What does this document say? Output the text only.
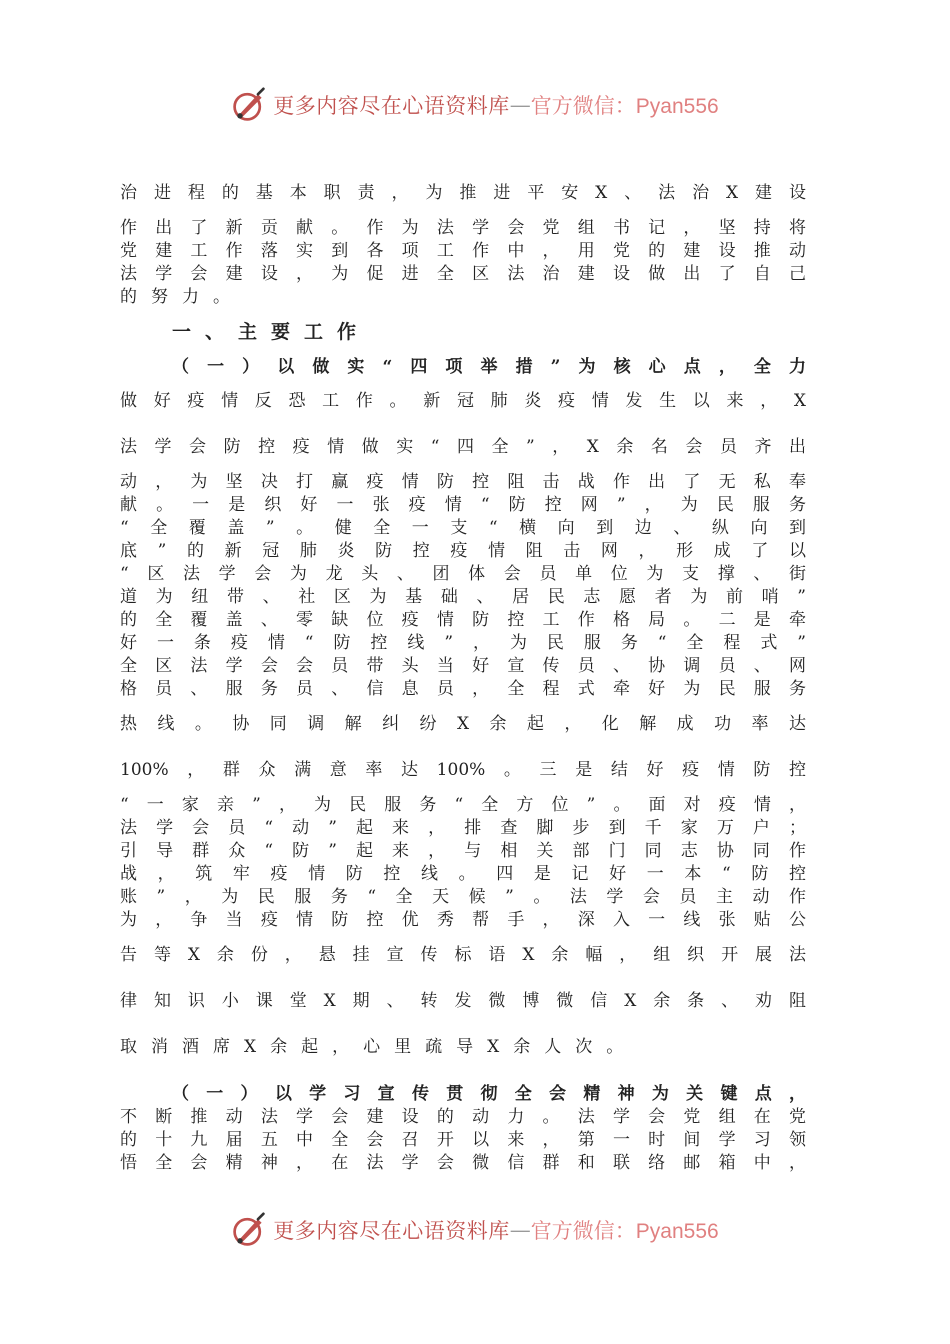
更多内容尽在心语资料库 — 官方微信：Pyan556
治进程的基本职责，为推进平安X、法治X建设
作出了新贡献。作为法学会党组书记，坚持将
党建工作落实到各项工作中，用党的建设推动
法学会建设，为促进全区法治建设做出了自己
的努力。
一、主要工作
（一）以做实“四项举措”为核心点，全力
做好疫情反恐工作。新冠肺炎疫情发生以来，X
法学会防控疫情做实“四全”，X余名会员齐出
动，为坚决打赢疫情防控阻击战作出了无私奉
献。一是织好一张疫情“防控网”，为民服务
“全覆盖”。健全一支“横向到边、纵向到
底”的新冠肺炎防控疫情阻击网，形成了以
“区法学会为龙头、团体会员单位为支撑、街
道为纽带、社区为基础、居民志愿者为前哨”
的全覆盖、零缺位疫情防控工作格局。二是牵
好一条疫情“防控线”，为民服务“全程式”
全区法学会会员带头当好宣传员、协调员、网
格员、服务员、信息员，全程式牵好为民服务
热线。协同调解纠纷X余起，化解成功率达
100%，群众满意率达100%。三是结好疫情防控
“一家亲”，为民服务“全方位”。面对疫情，
法学会员“动”起来，排查脚步到千家万户；
引导群众“防”起来，与相关部门同志协同作
战，筑牢疫情防控线。四是记好一本“防控
账”，为民服务“全天候”。法学会员主动作
为，争当疫情防控优秀帮手，深入一线张贴公
告等X余份，悬挂宣传标语X余幅，组织开展法
律知识小课堂X期、转发微博微信X余条、劝阻
取消酒席X余起，心里疏导X余人次。
（一）以学习宣传贯彻全会精神为关键点，
不断推动法学会建设的动力。法学会党组在党
的十九届五中全会召开以来，第一时间学习领
悟全会精神，在法学会微信群和联络邮箱中，
更多内容尽在心语资料库 — 官方微信：Pyan556
